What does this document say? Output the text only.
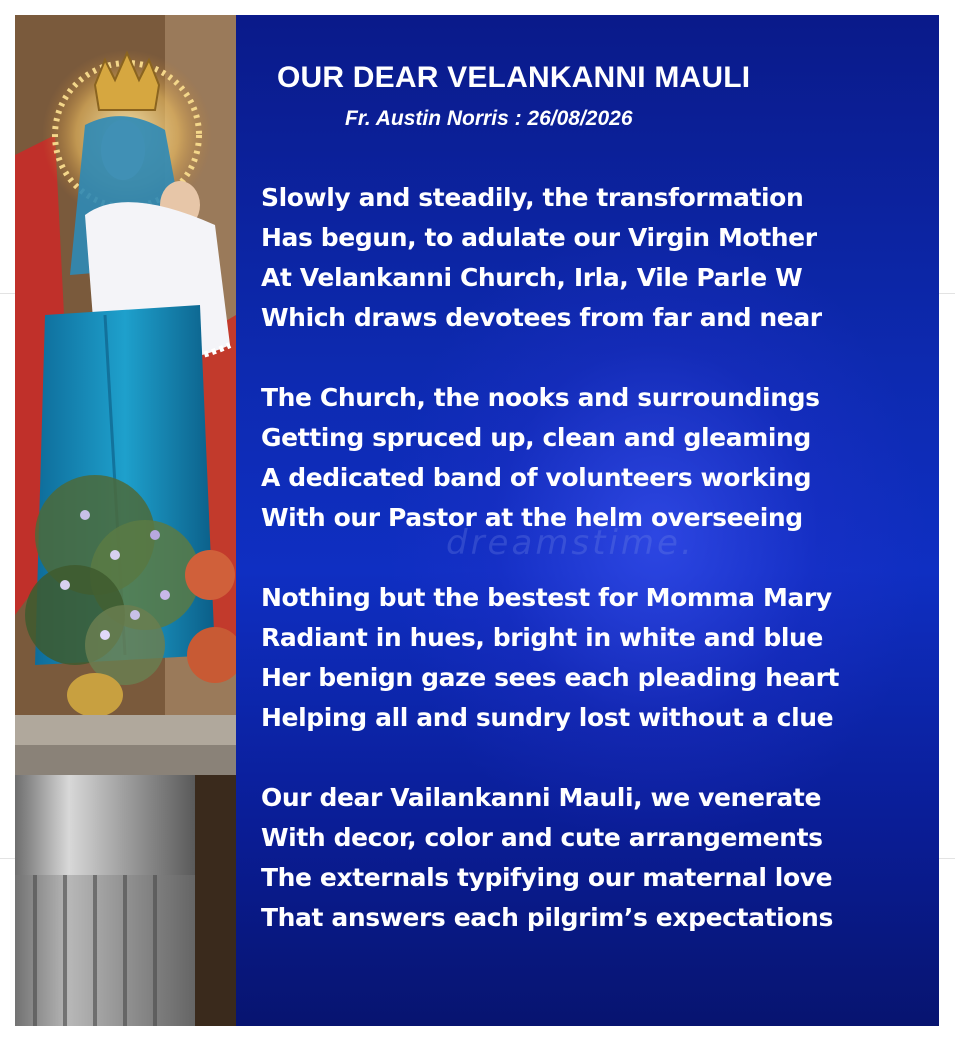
OUR DEAR VELANKANNI MAULI
Fr. Austin Norris : 26/08/2026
dreamstime.
Slowly and steadily, the transformation
Has begun, to adulate our Virgin Mother
At Velankanni Church, Irla, Vile Parle W
Which draws devotees from far and near
The Church, the nooks and surroundings
Getting spruced up, clean and gleaming
A dedicated band of volunteers working
With our Pastor at the helm overseeing
Nothing but the bestest for Momma Mary
Radiant in hues, bright in white and blue
Her benign gaze sees each pleading heart
Helping all and sundry lost without a clue
Our dear Vailankanni Mauli, we venerate
With decor, color and cute arrangements
The externals typifying our maternal love
That answers each pilgrim’s expectations
